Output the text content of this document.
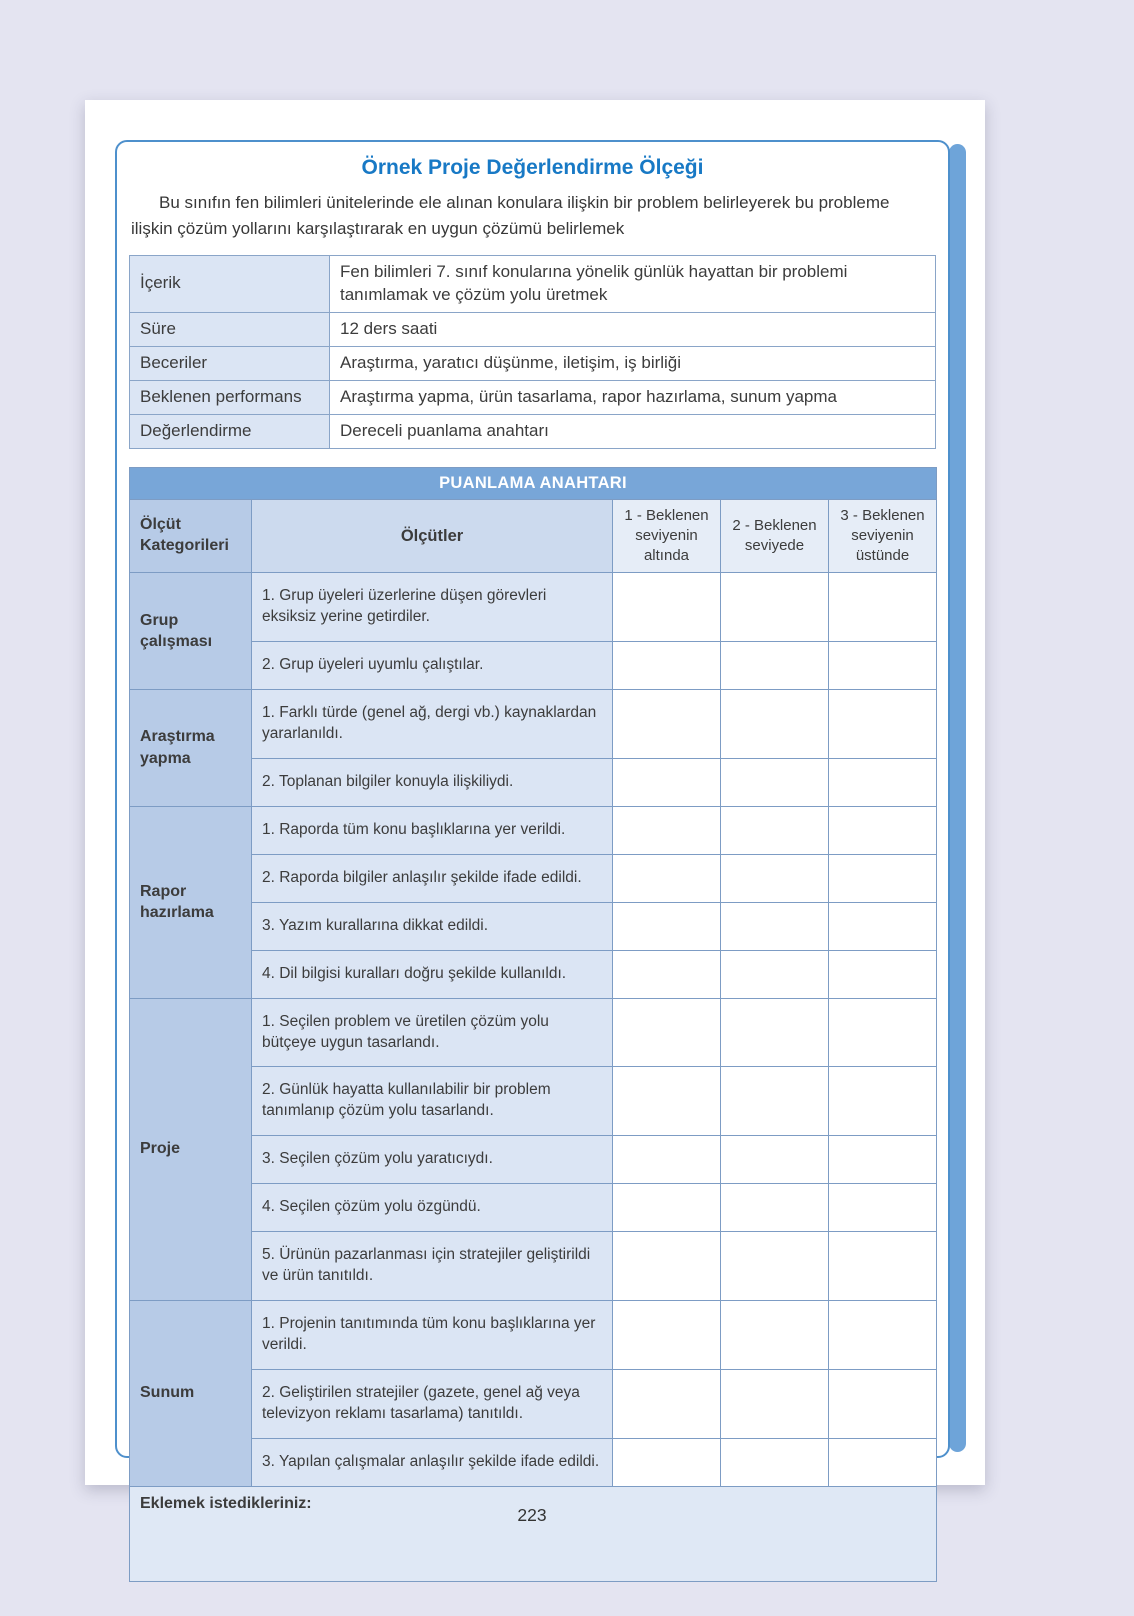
Örnek Proje Değerlendirme Ölçeği

Bu sınıfın fen bilimleri ünitelerinde ele alınan konulara ilişkin bir problem belirleyerek bu probleme ilişkin çözüm yollarını karşılaştırarak en uygun çözümü belirlemek

İçerik	Fen bilimleri 7. sınıf konularına yönelik günlük hayattan bir problemi tanımlamak ve çözüm yolu üretmek
Süre	12 ders saati
Beceriler	Araştırma, yaratıcı düşünme, iletişim, iş birliği
Beklenen performans	Araştırma yapma, ürün tasarlama, rapor hazırlama, sunum yapma
Değerlendirme	Dereceli puanlama anahtarı
PUANLAMA ANAHTARI				
Ölçüt Kategorileri	Ölçütler	1 - Beklenen seviyenin altında	2 - Beklenen seviyede	3 - Beklenen seviyenin üstünde
Grup çalışması	1. Grup üyeleri üzerlerine düşen görevleri eksiksiz yerine getirdiler.			
	2. Grup üyeleri uyumlu çalıştılar.			
Araştırma yapma	1. Farklı türde (genel ağ, dergi vb.) kaynaklardan yararlanıldı.			
	2. Toplanan bilgiler konuyla ilişkiliydi.			
Rapor hazırlama	1. Raporda tüm konu başlıklarına yer verildi.			
	2. Raporda bilgiler anlaşılır şekilde ifade edildi.			
	3. Yazım kurallarına dikkat edildi.			
	4. Dil bilgisi kuralları doğru şekilde kullanıldı.			
Proje	1. Seçilen problem ve üretilen çözüm yolu bütçeye uygun tasarlandı.			
	2. Günlük hayatta kullanılabilir bir problem tanımlanıp çözüm yolu tasarlandı.			
	3. Seçilen çözüm yolu yaratıcıydı.			
	4. Seçilen çözüm yolu özgündü.			
	5. Ürünün pazarlanması için stratejiler geliştirildi ve ürün tanıtıldı.			
Sunum	1. Projenin tanıtımında tüm konu başlıklarına yer verildi.			
	2. Geliştirilen stratejiler (gazete, genel ağ veya televizyon reklamı tasarlama) tanıtıldı.			
	3. Yapılan çalışmalar anlaşılır şekilde ifade edildi.			
Eklemek istedikleriniz:				
223
